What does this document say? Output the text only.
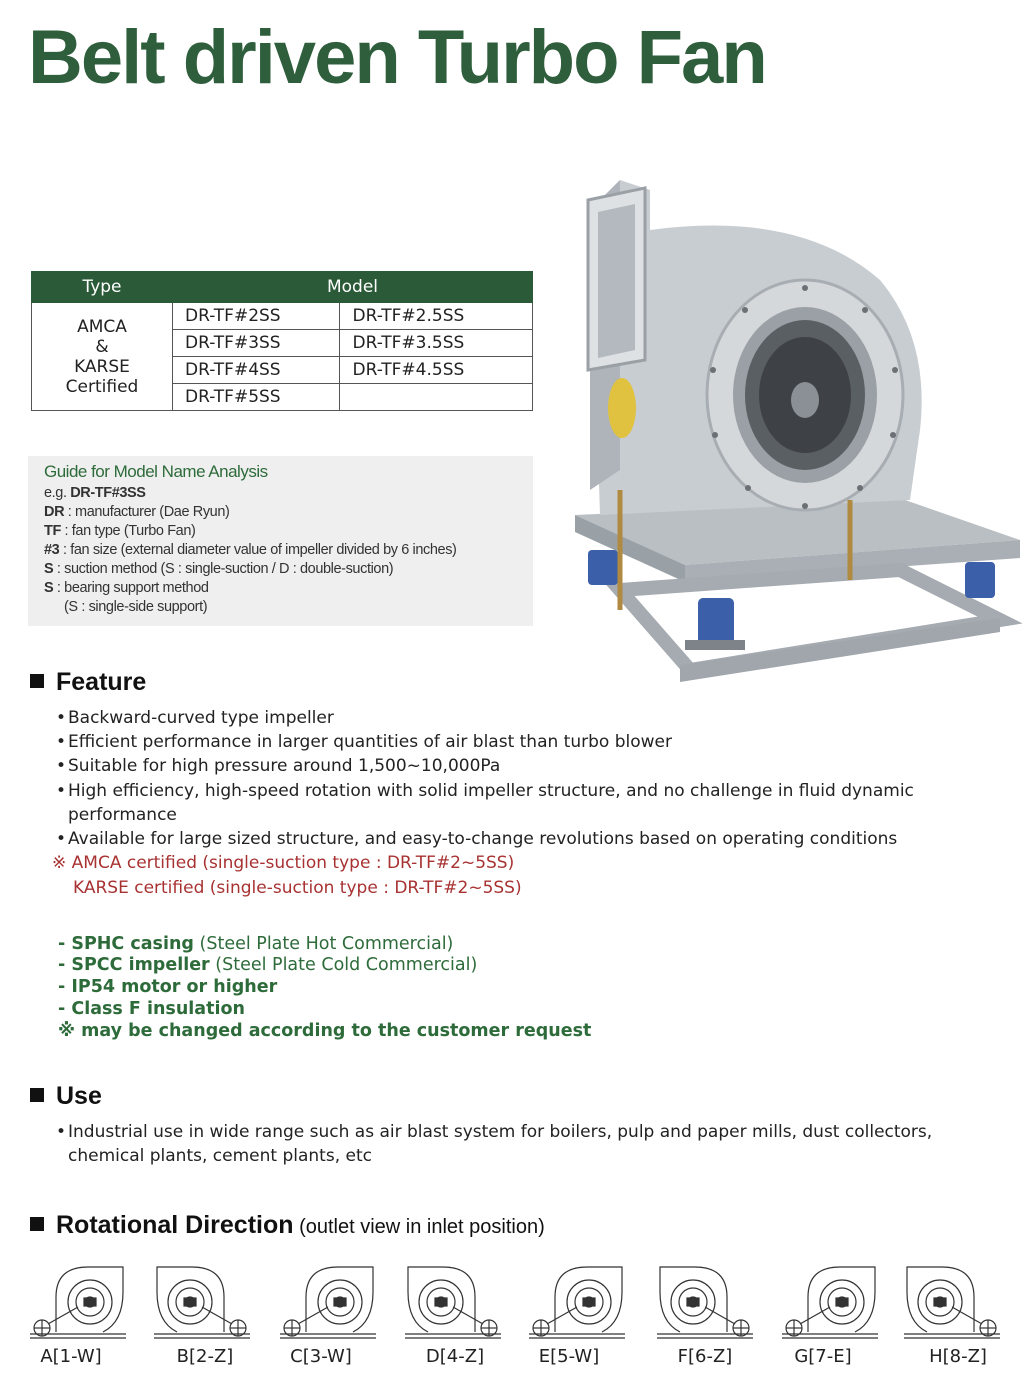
Belt driven Turbo Fan
Type	Model	

AMCA
&
KARSE
Certified	DR-TF#2SS	DR-TF#2.5SS
	DR-TF#3SS	DR-TF#3.5SS
	DR-TF#4SS	DR-TF#4.5SS
	DR-TF#5SS	
Guide for Model Name Analysis
e.g. DR-TF#3SS
DR : manufacturer (Dae Ryun)
TF : fan type (Turbo Fan)
#3 : fan size (external diameter value of impeller divided by 6 inches)
S : suction method (S : single-suction / D : double-suction)
S : bearing support method
(S : single-side support)
Feature
• Backward-curved type impeller
• Efficient performance in larger quantities of air blast than turbo blower
• Suitable for high pressure around 1,500~10,000Pa
• High efficiency, high-speed rotation with solid impeller structure, and no challenge in fluid dynamic
performance
• Available for large sized structure, and easy-to-change revolutions based on operating conditions
※ AMCA certified (single-suction type : DR-TF#2~5SS)
KARSE certified (single-suction type : DR-TF#2~5SS)
- SPHC casing (Steel Plate Hot Commercial)
- SPCC impeller (Steel Plate Cold Commercial)
- IP54 motor or higher
- Class F insulation
※ may be changed according to the customer request
Use
• Industrial use in wide range such as air blast system for boilers, pulp and paper mills, dust collectors,
chemical plants, cement plants, etc
Rotational Direction (outlet view in inlet position)
A[1-W]	B[2-Z]	C[3-W]	D[4-Z]	E[5-W]	F[6-Z]	G[7-E]	H[8-Z]
